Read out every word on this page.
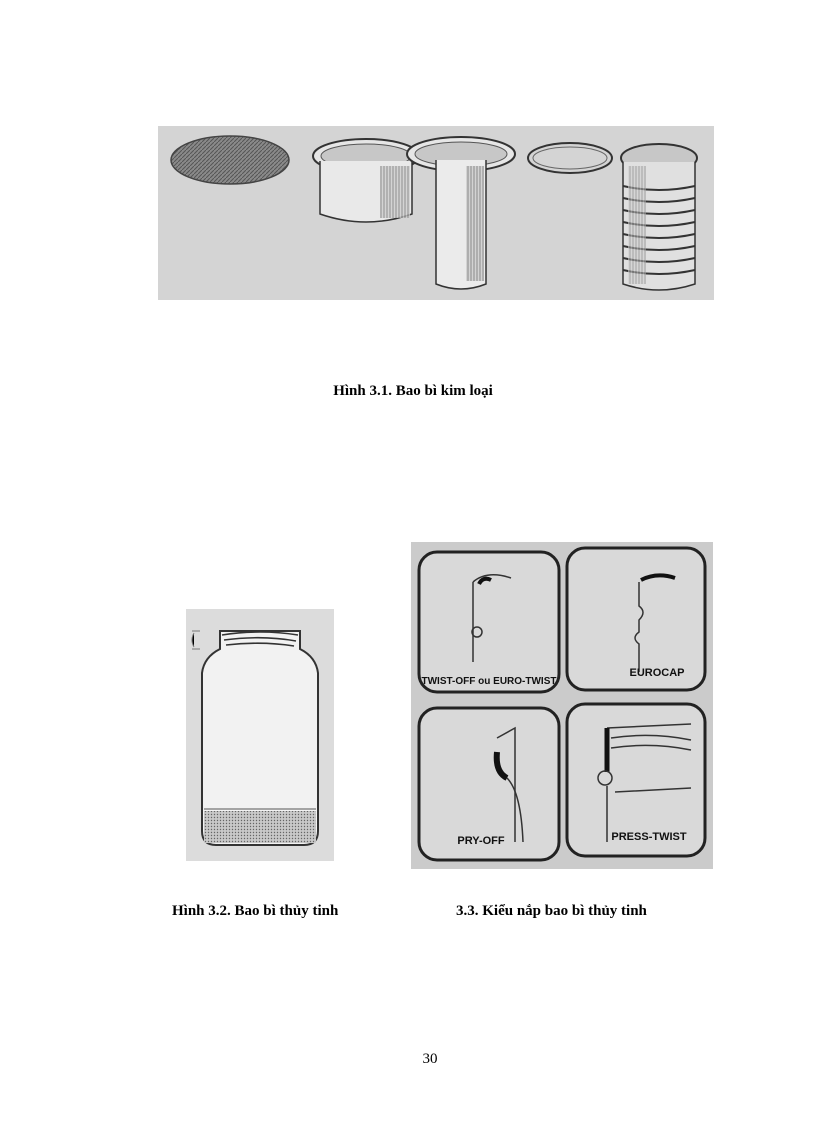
Hình 3.1. Bao bì kim loại
Hình 3.2. Bao bì thủy tinh
TWIST-OFF ou EURO-TWIST
EUROCAP
PRY-OFF	PRESS-TWIST
3.3. Kiểu nắp bao bì thủy tinh
30
